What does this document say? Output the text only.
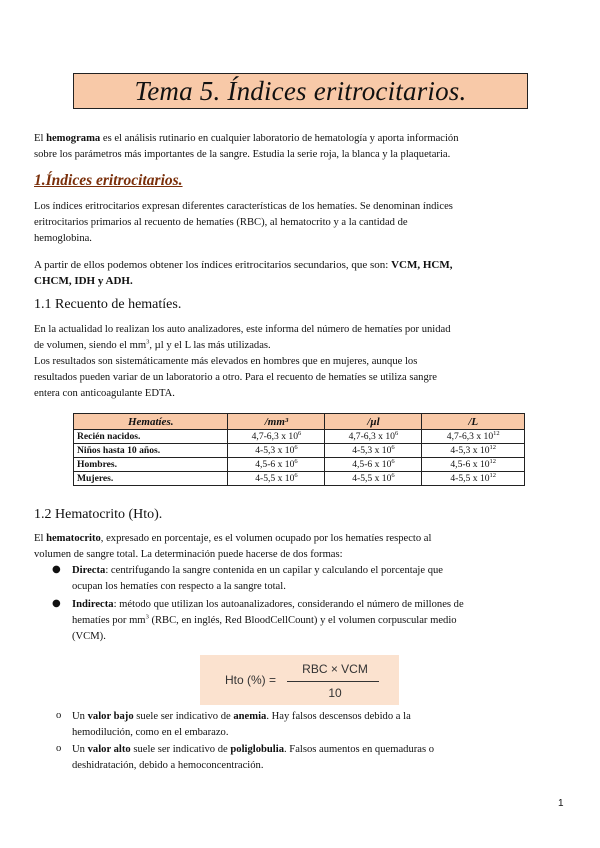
Tema 5. Índices eritrocitarios.
El hemograma es el análisis rutinario en cualquier laboratorio de hematología y aporta información
sobre los parámetros más importantes de la sangre. Estudia la serie roja, la blanca y la plaquetaria.
1.Índices eritrocitarios.
Los índices eritrocitarios expresan diferentes características de los hematíes. Se denominan índices
eritrocitarios primarios al recuento de hematíes (RBC), al hematocrito y a la cantidad de
hemoglobina.
A partir de ellos podemos obtener los índices eritrocitarios secundarios, que son: VCM, HCM,
CHCM, IDH y ADH.
1.1 Recuento de hematíes.
En la actualidad lo realizan los auto analizadores, este informa del número de hematíes por unidad
de volumen, siendo el $mm^3$, µl y el L las más utilizadas.
Los resultados son sistemáticamente más elevados en hombres que en mujeres, aunque los
resultados pueden variar de un laboratorio a otro. Para el recuento de hematíes se utiliza sangre
entera con anticoagulante EDTA.
Hematíes.	/mm³	/µl	/L
Recién nacidos.	4,7-6,3 x $10^6$	4,7-6,3 x $10^6$	4,7-6,3 x $10^{12}$
Niños hasta 10 años.	4-5,3 x $10^6$	4-5,3 x $10^6$	4-5,3 x $10^{12}$
Hombres.	4,5-6 x $10^6$	4,5-6 x $10^6$	4,5-6 x $10^{12}$
Mujeres.	4-5,5 x $10^6$	4-5,5 x $10^6$	4-5,5 x $10^{12}$
1.2 Hematocrito (Hto).
El hematocrito, expresado en porcentaje, es el volumen ocupado por los hematíes respecto al
volumen de sangre total. La determinación puede hacerse de dos formas:
● Directa: centrifugando la sangre contenida en un capilar y calculando el porcentaje que
ocupan los hematíes con respecto a la sangre total.
● Indirecta: método que utilizan los autoanalizadores, considerando el número de millones de
hematíes por $mm^3$ (RBC, en inglés, Red BloodCellCount) y el volumen corpuscular medio
(VCM).
Hto (%) =
RBC × VCM
10
o Un valor bajo suele ser indicativo de anemia. Hay falsos descensos debido a la
hemodilución, como en el embarazo.
o Un valor alto suele ser indicativo de poliglobulia. Falsos aumentos en quemaduras o
deshidratación, debido a hemoconcentración.
1
